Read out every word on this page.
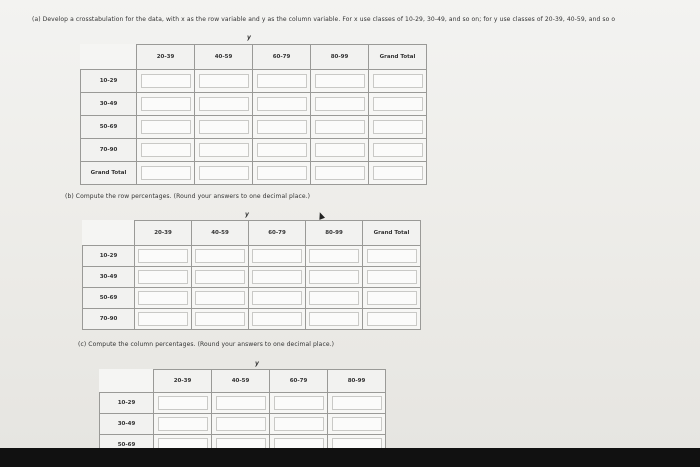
(a) Develop a crosstabulation for the data, with x as the row variable and y as the column variable. For x use classes of 10-29, 30-49, and so on; for y use classes of 20-39, 40-59, and so o
y
	20-39	40-59	60-79	80-99	Grand Total
10-29	

30-49	

50-69	

70-90	

Grand Total	

(b) Compute the row percentages. (Round your answers to one decimal place.)
y
	20-39	40-59	60-79	80-99	Grand Total
10-29	

30-49	

50-69	

70-90	

(c) Compute the column percentages. (Round your answers to one decimal place.)
y
	20-39	40-59	60-79	80-99
10-29	

30-49	

50-69	
